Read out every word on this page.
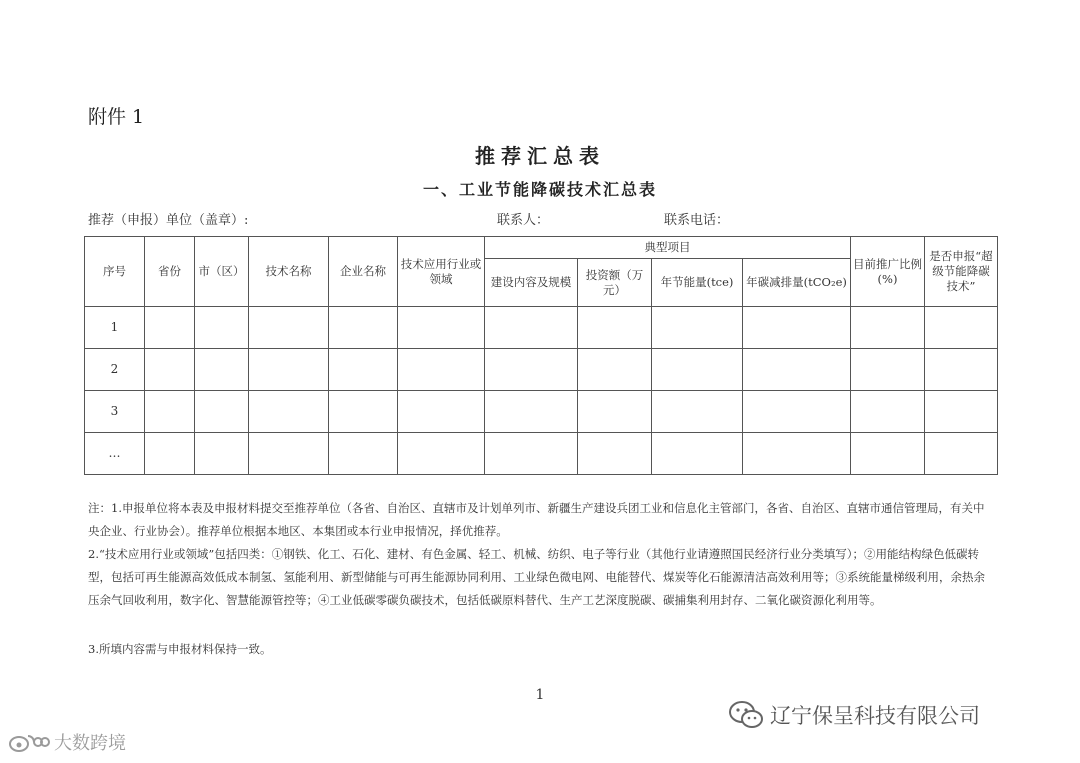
附件 1
推荐汇总表
一、工业节能降碳技术汇总表
推荐（申报）单位（盖章）:	联系人：	联系电话：
序号	省份	市（区）	技术名称	企业名称	技术应用行业或领域	典型项目				目前推广比例(%)	是否申报“超级节能降碳技术”
						建设内容及规模	投资额（万元）	年节能量(tce)	年碳减排量(tCO₂e)		
1											
2											
3											
…											
注：1.申报单位将本表及申报材料提交至推荐单位（各省、自治区、直辖市及计划单列市、新疆生产建设兵团工业和信息化主管部门，各省、自治区、直辖市通信管理局，有关中央企业、行业协会）。推荐单位根据本地区、本集团或本行业申报情况，择优推荐。
2.“技术应用行业或领域”包括四类：①钢铁、化工、石化、建材、有色金属、轻工、机械、纺织、电子等行业（其他行业请遵照国民经济行业分类填写）；②用能结构绿色低碳转型，包括可再生能源高效低成本制氢、氢能利用、新型储能与可再生能源协同利用、工业绿色微电网、电能替代、煤炭等化石能源清洁高效利用等；③系统能量梯级利用，余热余压余气回收利用，数字化、智慧能源管控等；④工业低碳零碳负碳技术，包括低碳原料替代、生产工艺深度脱碳、碳捕集利用封存、二氧化碳资源化利用等。
3.所填内容需与申报材料保持一致。
1
大数跨境
辽宁保呈科技有限公司
